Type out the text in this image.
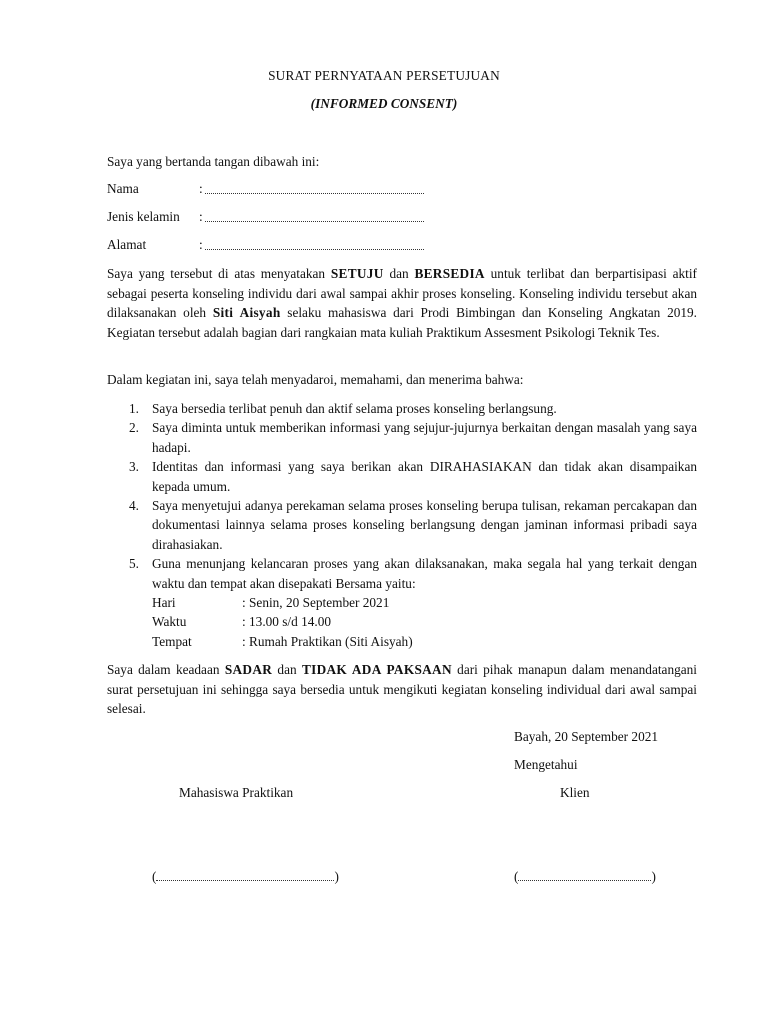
SURAT PERNYATAAN PERSETUJUAN
(INFORMED CONSENT)
Saya yang bertanda tangan dibawah ini:
Nama	:
Jenis kelamin :
Alamat	:
Saya yang tersebut di atas menyatakan SETUJU dan BERSEDIA untuk terlibat dan berpartisipasi aktif sebagai peserta konseling individu dari awal sampai akhir proses konseling. Konseling individu tersebut akan dilaksanakan oleh Siti Aisyah selaku mahasiswa dari Prodi Bimbingan dan Konseling Angkatan 2019. Kegiatan tersebut adalah bagian dari rangkaian mata kuliah Praktikum Assesment Psikologi Teknik Tes.
Dalam kegiatan ini, saya telah menyadaroi, memahami, dan menerima bahwa:
1. Saya bersedia terlibat penuh dan aktif selama proses konseling berlangsung.
2. Saya diminta untuk memberikan informasi yang sejujur-jujurnya berkaitan dengan masalah yang saya hadapi.
3. Identitas dan informasi yang saya berikan akan DIRAHASIAKAN dan tidak akan disampaikan kepada umum.
4. Saya menyetujui adanya perekaman selama proses konseling berupa tulisan, rekaman percakapan dan dokumentasi lainnya selama proses konseling berlangsung dengan jaminan informasi pribadi saya dirahasiakan.
5. Guna menunjang kelancaran proses yang akan dilaksanakan, maka segala hal yang terkait dengan waktu dan tempat akan disepakati Bersama yaitu:
Hari	: Senin, 20 September 2021
Waktu	: 13.00 s/d 14.00
Tempat	: Rumah Praktikan (Siti Aisyah)
Saya dalam keadaan SADAR dan TIDAK ADA PAKSAAN dari pihak manapun dalam menandatangani surat persetujuan ini sehingga saya bersedia untuk mengikuti kegiatan konseling individual dari awal sampai selesai.
Bayah, 20 September 2021
Mengetahui
Mahasiswa Praktikan	Klien
(	)	(	)
